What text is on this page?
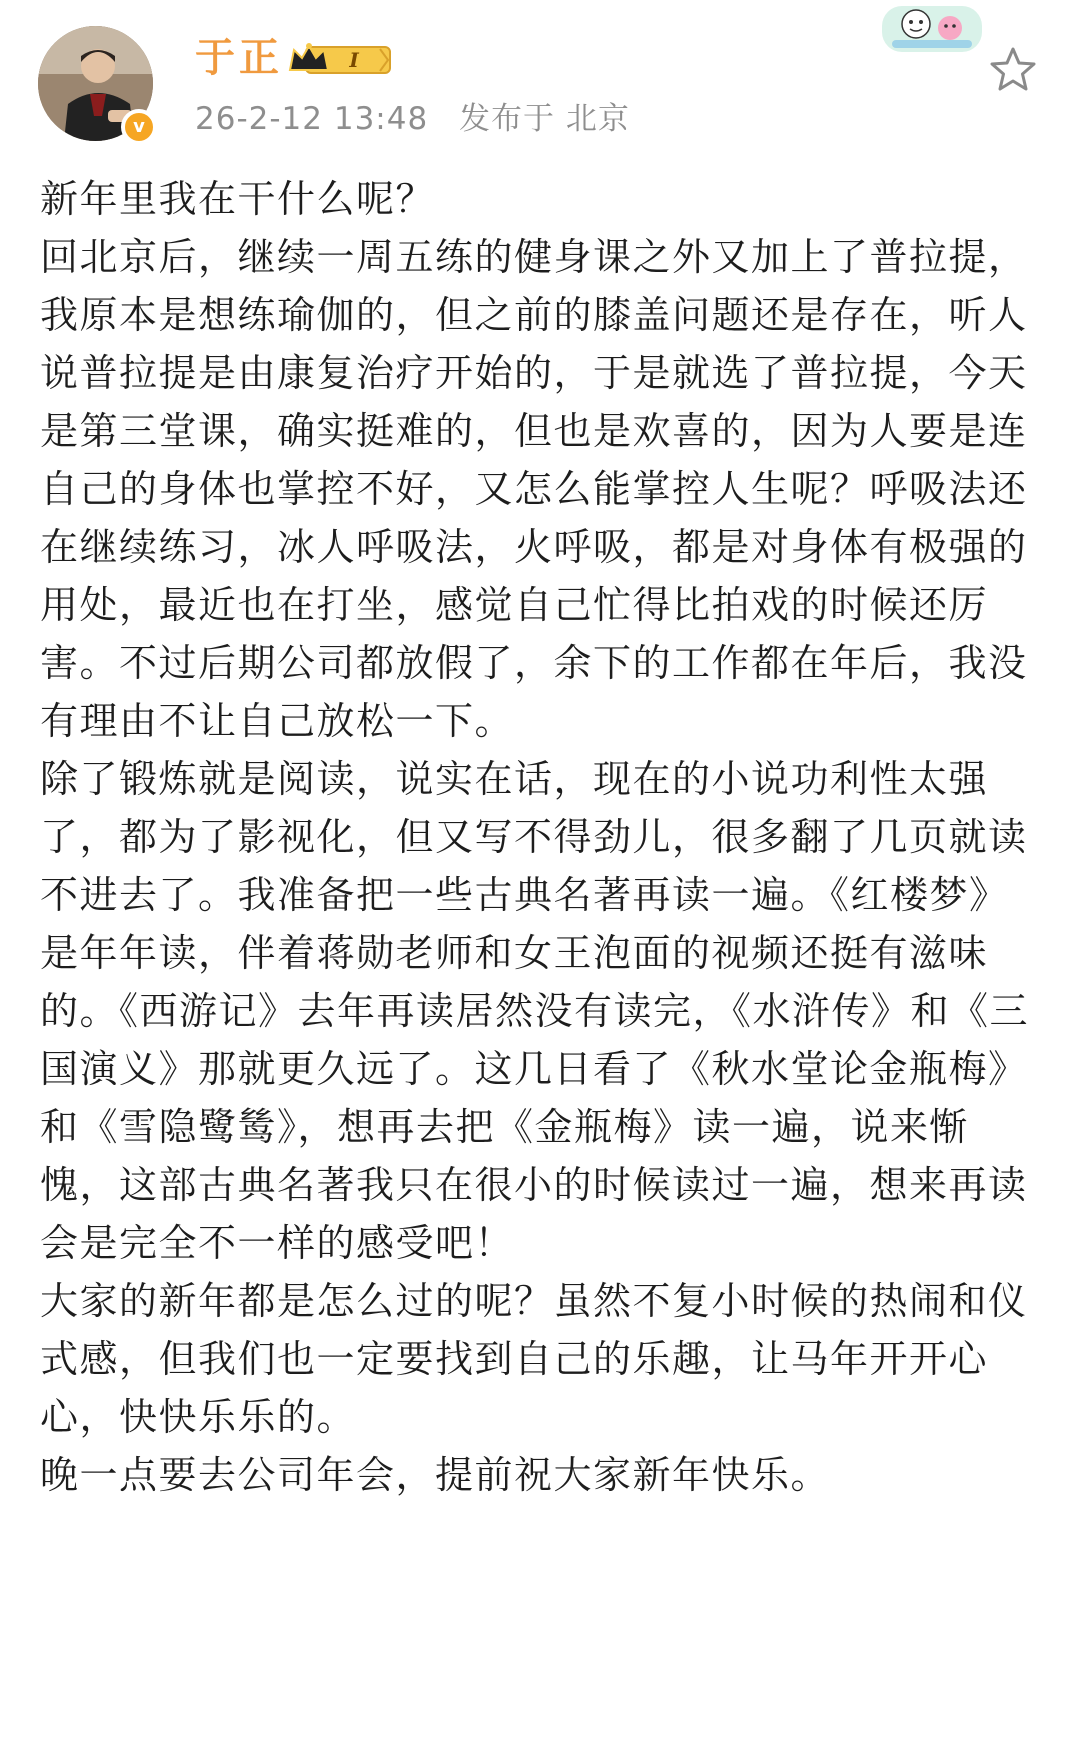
v
于正	I
26-2-12 13:48 发布于 北京

新年里我在干什么呢？

回北京后，继续一周五练的健身课之外又加上了普拉提，我原本是想练瑜伽的，但之前的膝盖问题还是存在，听人说普拉提是由康复治疗开始的，于是就选了普拉提，今天是第三堂课，确实挺难的，但也是欢喜的，因为人要是连自己的身体也掌控不好，又怎么能掌控人生呢？呼吸法还在继续练习，冰人呼吸法，火呼吸，都是对身体有极强的用处，最近也在打坐，感觉自己忙得比拍戏的时候还厉害。不过后期公司都放假了，余下的工作都在年后，我没有理由不让自己放松一下。

除了锻炼就是阅读，说实在话，现在的小说功利性太强了，都为了影视化，但又写不得劲儿，很多翻了几页就读不进去了。我准备把一些古典名著再读一遍。《红楼梦》是年年读，伴着蒋勋老师和女王泡面的视频还挺有滋味的。《西游记》去年再读居然没有读完，《水浒传》和《三国演义》那就更久远了。这几日看了《秋水堂论金瓶梅》和《雪隐鹭鸶》，想再去把《金瓶梅》读一遍，说来惭愧，这部古典名著我只在很小的时候读过一遍，想来再读会是完全不一样的感受吧！

大家的新年都是怎么过的呢？虽然不复小时候的热闹和仪式感，但我们也一定要找到自己的乐趣，让马年开开心心，快快乐乐的。

晚一点要去公司年会，提前祝大家新年快乐。
